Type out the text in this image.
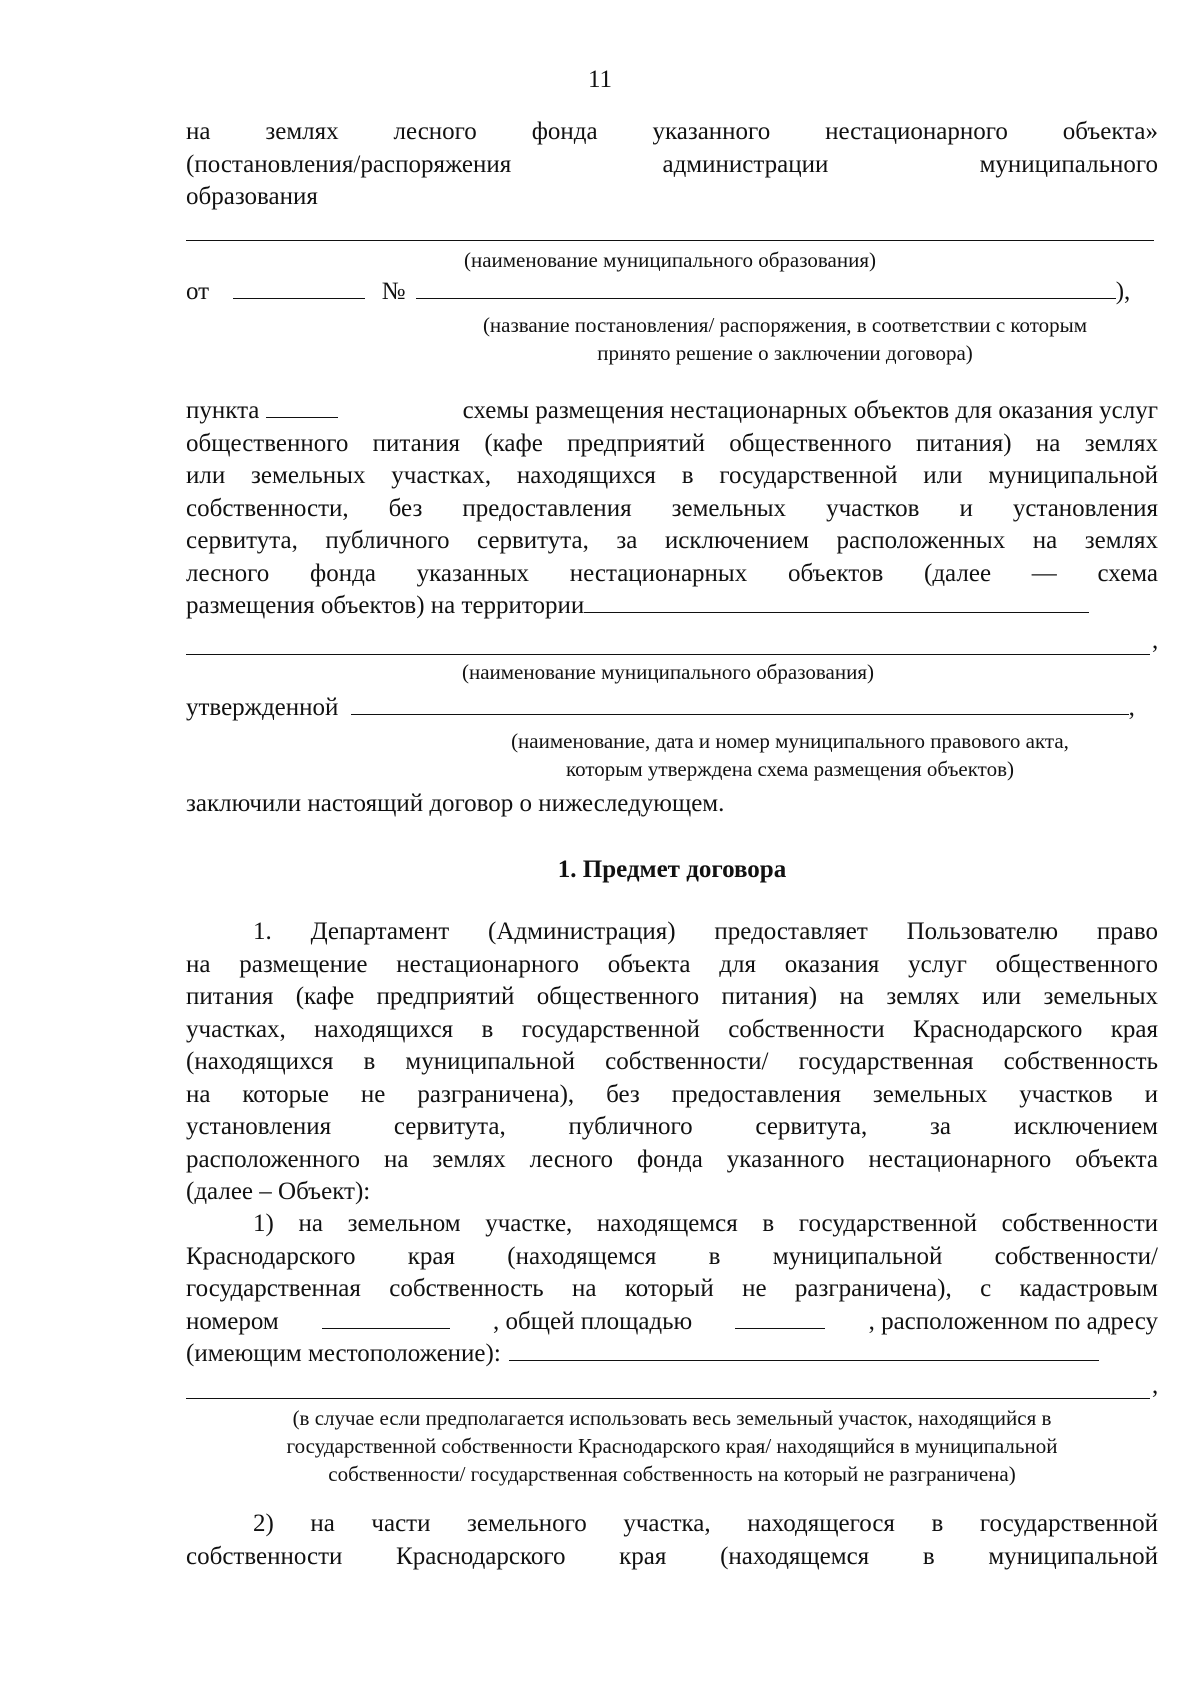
11
на землях лесного фонда указанного нестационарного объекта»
(постановления/распоряжения администрации муниципального
образования
(наименование муниципального образования)
от	№	),
(название постановления/ распоряжения, в соответствии с которым
принято решение о заключении договора)
пункта	схемы размещения нестационарных объектов для оказания услуг
общественного питания (кафе предприятий общественного питания) на землях
или земельных участках, находящихся в государственной или муниципальной
собственности, без предоставления земельных участков и установления
сервитута, публичного сервитута, за исключением расположенных на землях
лесного фонда указанных нестационарных объектов (далее — схема
размещения объектов) на территории
,
(наименование муниципального образования)
утвержденной	,
(наименование, дата и номер муниципального правового акта,
которым утверждена схема размещения объектов)
заключили настоящий договор о нижеследующем.
1. Предмет договора
1. Департамент (Администрация) предоставляет Пользователю право
на размещение нестационарного объекта для оказания услуг общественного
питания (кафе предприятий общественного питания) на землях или земельных
участках, находящихся в государственной собственности Краснодарского края
(находящихся в муниципальной собственности/ государственная собственность
на которые не разграничена), без предоставления земельных участков и
установления сервитута, публичного сервитута, за исключением
расположенного на землях лесного фонда указанного нестационарного объекта
(далее – Объект):
1) на земельном участке, находящемся в государственной собственности
Краснодарского края (находящемся в муниципальной собственности/
государственная собственность на который не разграничена), с кадастровым
номером	, общей площадью	, расположенном по адресу
(имеющим местоположение):
,
(в случае если предполагается использовать весь земельный участок, находящийся в
государственной собственности Краснодарского края/ находящийся в муниципальной
собственности/ государственная собственность на который не разграничена)
2) на части земельного участка, находящегося в государственной
собственности Краснодарского края (находящемся в муниципальной
